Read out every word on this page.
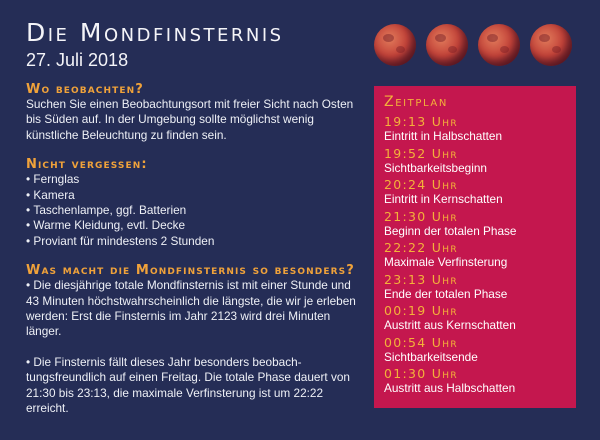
Die Mondfinsternis
27. Juli 2018
Wo beobachten?

Suchen Sie einen Beobachtungsort mit freier Sicht nach Osten bis Süden auf. In der Umgebung sollte möglichst wenig künstliche Beleuchtung zu finden sein.

Nicht vergessen:
• Fernglas
• Kamera
• Taschenlampe, ggf. Batterien
• Warme Kleidung, evtl. Decke
• Proviant für mindestens 2 Stunden
Was macht die Mondfinsternis so besonders?

• Die diesjährige totale Mondfinsternis ist mit einer Stunde und 43 Minuten höchstwahrscheinlich die längste, die wir je erleben werden: Erst die Finsternis im Jahr 2123 wird drei Minuten länger.

• Die Finsternis fällt dieses Jahr besonders beobachtungsfreundlich auf einen Freitag. Die totale Phase dauert von 21:30 bis 23:13, die maximale Verfinsterung ist um 22:22 erreicht.

Zeitplan
19:13 Uhr
Eintritt in Halbschatten
19:52 Uhr
Sichtbarkeitsbeginn
20:24 Uhr
Eintritt in Kernschatten
21:30 Uhr
Beginn der totalen Phase
22:22 Uhr
Maximale Verfinsterung
23:13 Uhr
Ende der totalen Phase
00:19 Uhr
Austritt aus Kernschatten
00:54 Uhr
Sichtbarkeitsende
01:30 Uhr
Austritt aus Halbschatten
